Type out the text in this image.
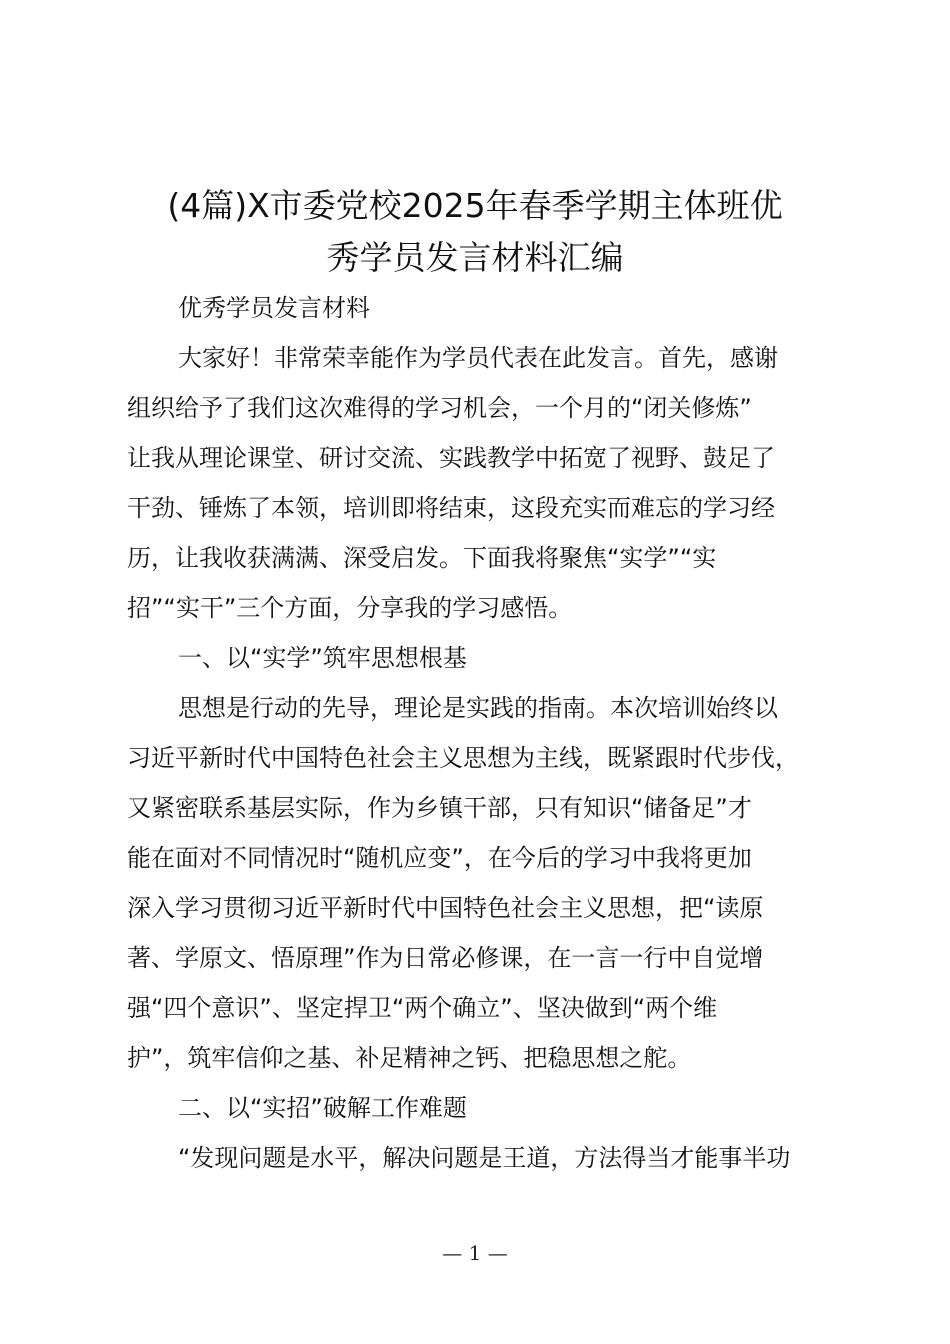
(4篇)X市委党校2025年春季学期主体班优
秀学员发言材料汇编

优秀学员发言材料

大家好！非常荣幸能作为学员代表在此发言。首先，感谢

组织给予了我们这次难得的学习机会，一个月的“闭关修炼”

让我从理论课堂、研讨交流、实践教学中拓宽了视野、鼓足了

干劲、锤炼了本领，培训即将结束，这段充实而难忘的学习经

历，让我收获满满、深受启发。下面我将聚焦“实学”“实

招”“实干”三个方面，分享我的学习感悟。

一、以“实学”筑牢思想根基

思想是行动的先导，理论是实践的指南。本次培训始终以

习近平新时代中国特色社会主义思想为主线，既紧跟时代步伐，

又紧密联系基层实际，作为乡镇干部，只有知识“储备足”才

能在面对不同情况时“随机应变”，在今后的学习中我将更加

深入学习贯彻习近平新时代中国特色社会主义思想，把“读原

著、学原文、悟原理”作为日常必修课，在一言一行中自觉增

强“四个意识”、坚定捍卫“两个确立”、坚决做到“两个维

护”，筑牢信仰之基、补足精神之钙、把稳思想之舵。

二、以“实招”破解工作难题

“发现问题是水平，解决问题是王道，方法得当才能事半功

— 1 —
